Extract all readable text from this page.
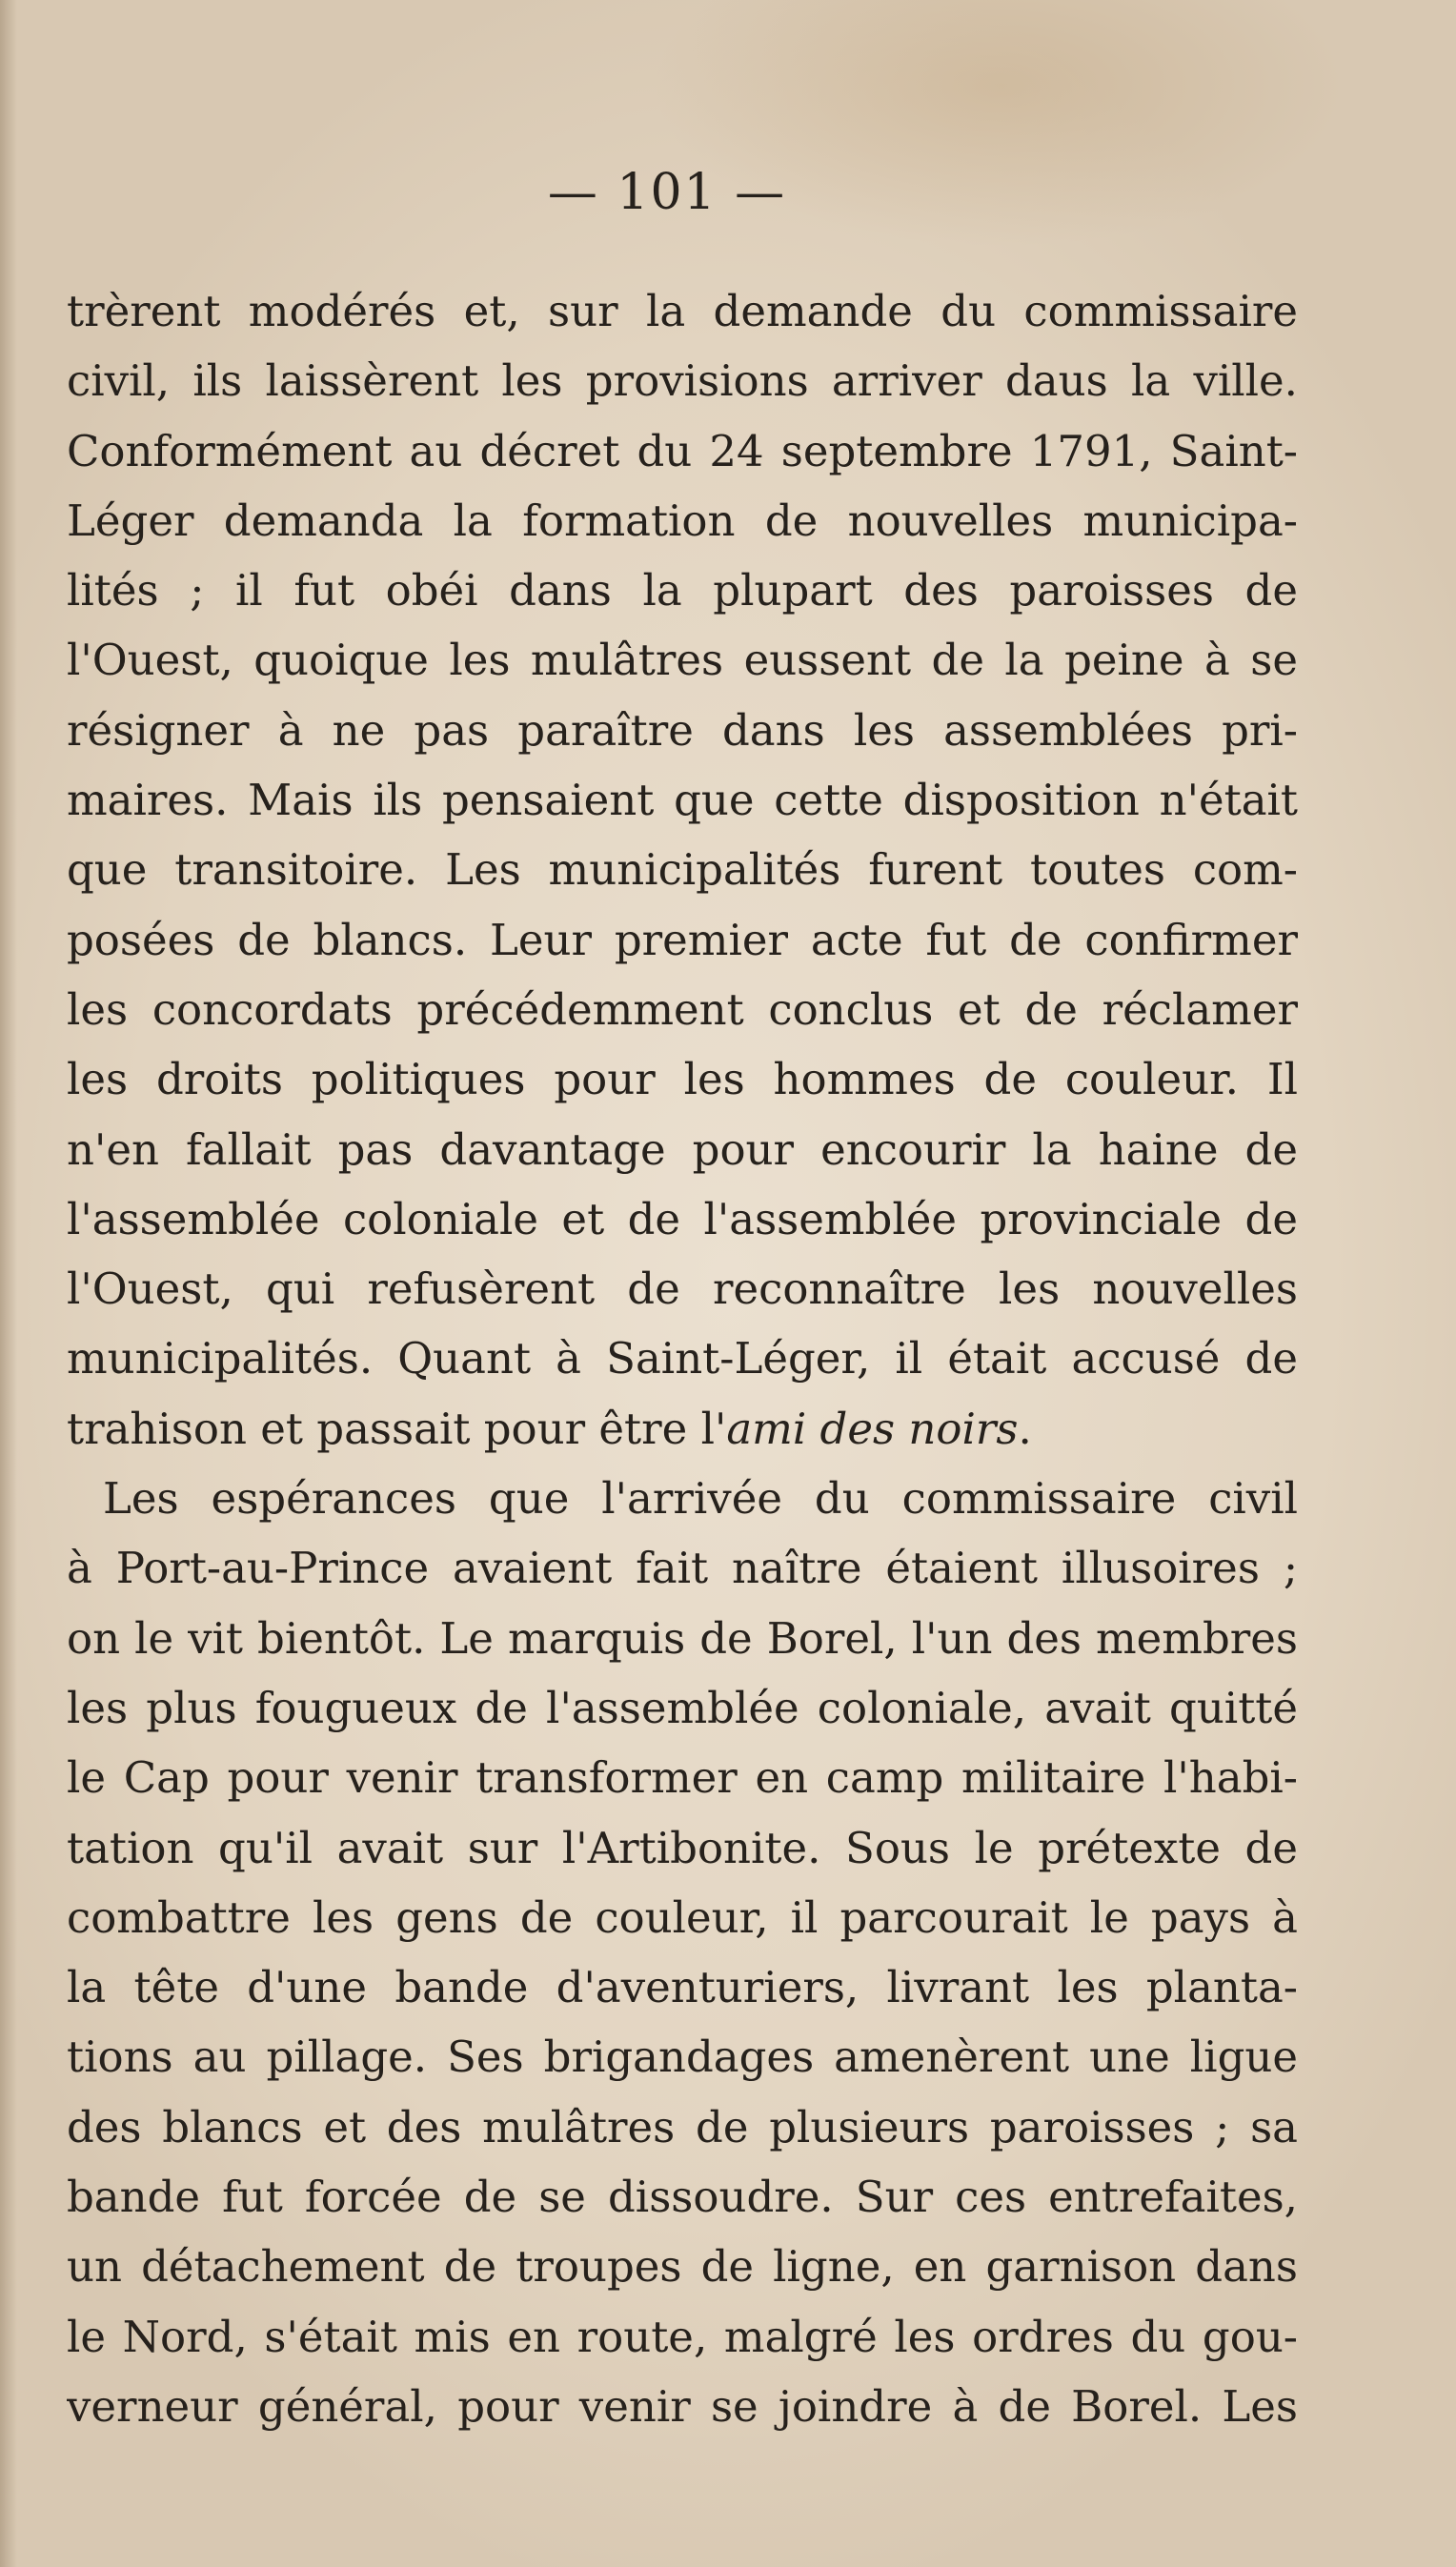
— 101 —
trèrent modérés et, sur la demande du commissaire
civil, ils laissèrent les provisions arriver daus la ville.
Conformément au décret du 24 septembre 1791, Saint-
Léger demanda la formation de nouvelles municipa-
lités ; il fut obéi dans la plupart des paroisses de
l'Ouest, quoique les mulâtres eussent de la peine à se
résigner à ne pas paraître dans les assemblées pri-
maires. Mais ils pensaient que cette disposition n'était
que transitoire. Les municipalités furent toutes com-
posées de blancs. Leur premier acte fut de confirmer
les concordats précédemment conclus et de réclamer
les droits politiques pour les hommes de couleur. Il
n'en fallait pas davantage pour encourir la haine de
l'assemblée coloniale et de l'assemblée provinciale de
l'Ouest, qui refusèrent de reconnaître les nouvelles
municipalités. Quant à Saint-Léger, il était accusé de
trahison et passait pour être l'ami des noirs.
Les espérances que l'arrivée du commissaire civil
à Port-au-Prince avaient fait naître étaient illusoires ;
on le vit bientôt. Le marquis de Borel, l'un des membres
les plus fougueux de l'assemblée coloniale, avait quitté
le Cap pour venir transformer en camp militaire l'habi-
tation qu'il avait sur l'Artibonite. Sous le prétexte de
combattre les gens de couleur, il parcourait le pays à
la tête d'une bande d'aventuriers, livrant les planta-
tions au pillage. Ses brigandages amenèrent une ligue
des blancs et des mulâtres de plusieurs paroisses ; sa
bande fut forcée de se dissoudre. Sur ces entrefaites,
un détachement de troupes de ligne, en garnison dans
le Nord, s'était mis en route, malgré les ordres du gou-
verneur général, pour venir se joindre à de Borel. Les
